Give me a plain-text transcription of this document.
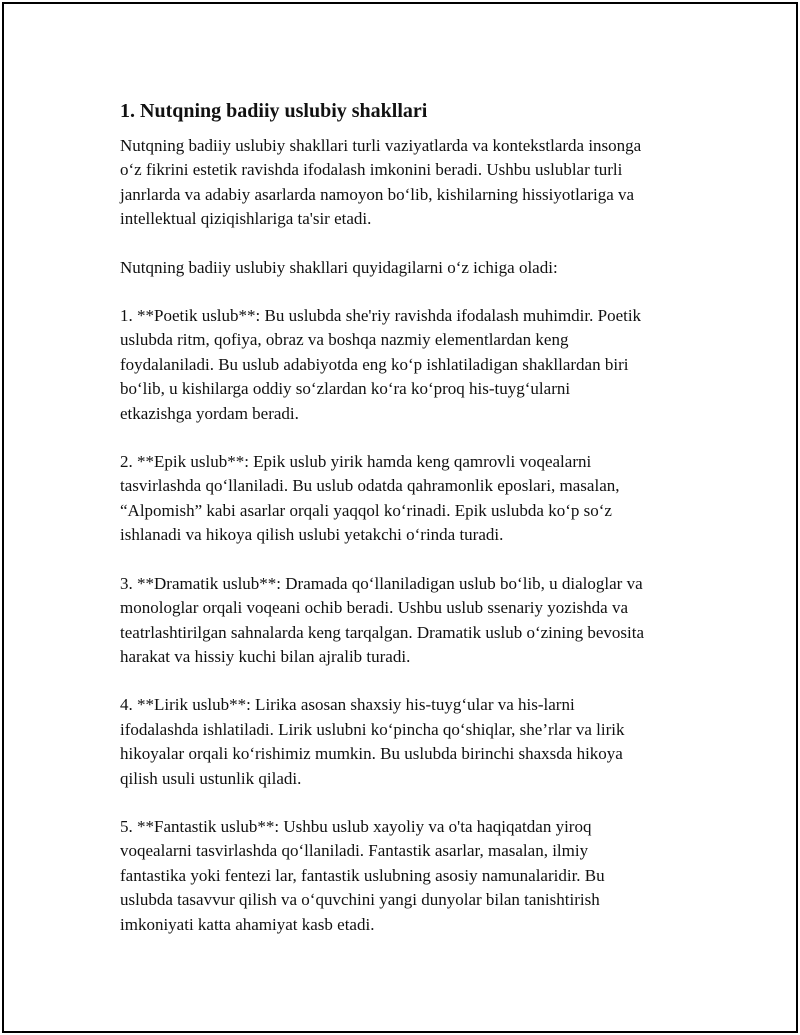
1. Nutqning badiiy uslubiy shakllari

Nutqning badiiy uslubiy shakllari turli vaziyatlarda va kontekstlarda insonga
o‘z fikrini estetik ravishda ifodalash imkonini beradi. Ushbu uslublar turli
janrlarda va adabiy asarlarda namoyon bo‘lib, kishilarning hissiyotlariga va
intellektual qiziqishlariga ta'sir etadi.

Nutqning badiiy uslubiy shakllari quyidagilarni o‘z ichiga oladi:

1. **Poetik uslub**: Bu uslubda she'riy ravishda ifodalash muhimdir. Poetik
uslubda ritm, qofiya, obraz va boshqa nazmiy elementlardan keng
foydalaniladi. Bu uslub adabiyotda eng ko‘p ishlatiladigan shakllardan biri
bo‘lib, u kishilarga oddiy so‘zlardan ko‘ra ko‘proq his-tuyg‘ularni
etkazishga yordam beradi.

2. **Epik uslub**: Epik uslub yirik hamda keng qamrovli voqealarni
tasvirlashda qo‘llaniladi. Bu uslub odatda qahramonlik eposlari, masalan,
“Alpomish” kabi asarlar orqali yaqqol ko‘rinadi. Epik uslubda ko‘p so‘z
ishlanadi va hikoya qilish uslubi yetakchi o‘rinda turadi.

3. **Dramatik uslub**: Dramada qo‘llaniladigan uslub bo‘lib, u dialoglar va
monologlar orqali voqeani ochib beradi. Ushbu uslub ssenariy yozishda va
teatrlashtirilgan sahnalarda keng tarqalgan. Dramatik uslub o‘zining bevosita
harakat va hissiy kuchi bilan ajralib turadi.

4. **Lirik uslub**: Lirika asosan shaxsiy his-tuyg‘ular va his-larni
ifodalashda ishlatiladi. Lirik uslubni ko‘pincha qo‘shiqlar, she’rlar va lirik
hikoyalar orqali ko‘rishimiz mumkin. Bu uslubda birinchi shaxsda hikoya
qilish usuli ustunlik qiladi.

5. **Fantastik uslub**: Ushbu uslub xayoliy va o'ta haqiqatdan yiroq
voqealarni tasvirlashda qo‘llaniladi. Fantastik asarlar, masalan, ilmiy
fantastika yoki fentezi lar, fantastik uslubning asosiy namunalaridir. Bu
uslubda tasavvur qilish va o‘quvchini yangi dunyolar bilan tanishtirish
imkoniyati katta ahamiyat kasb etadi.
